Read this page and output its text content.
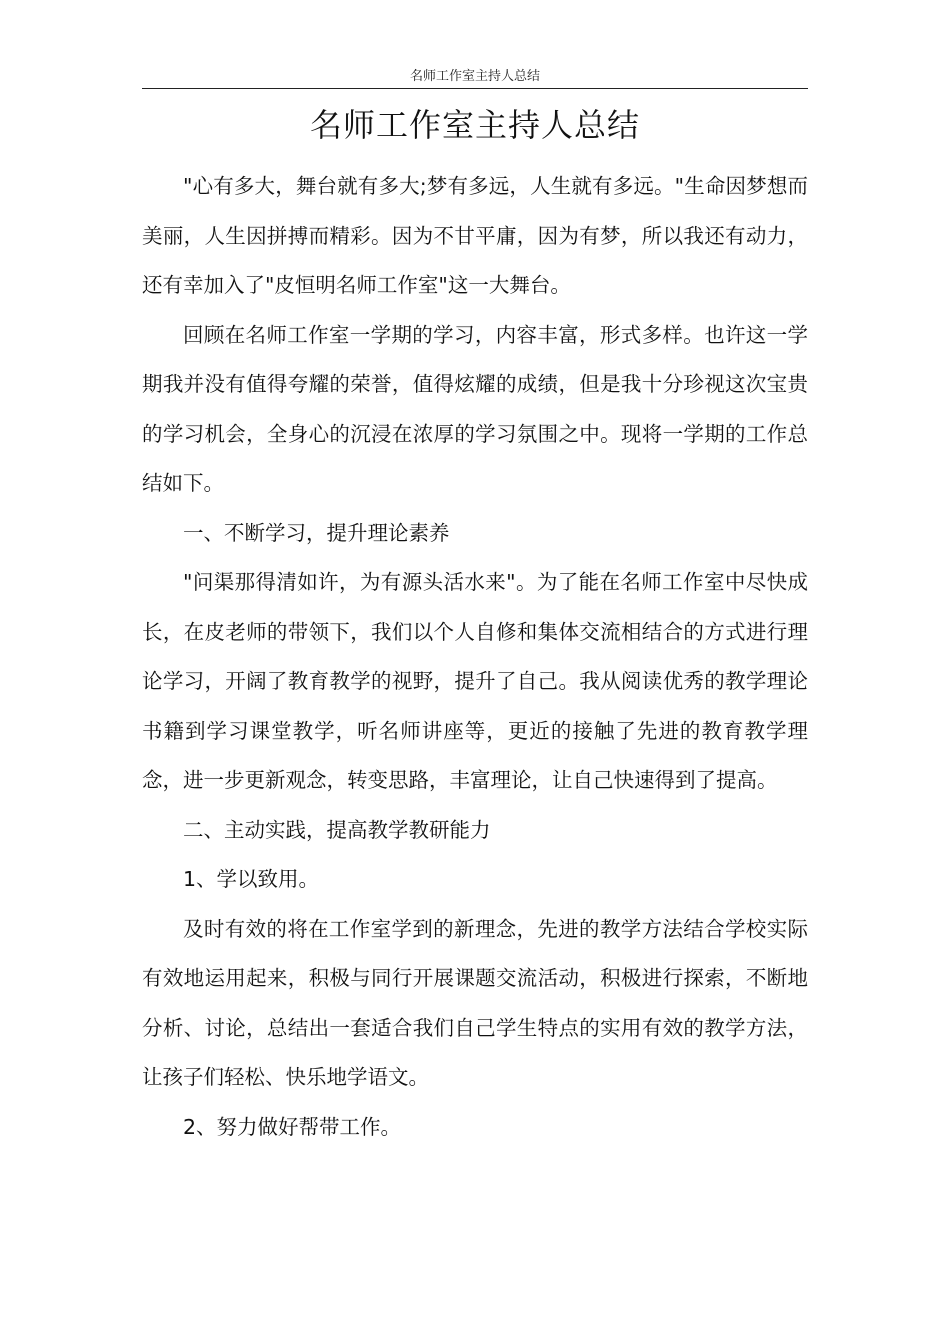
名师工作室主持人总结
名师工作室主持人总结

"心有多大，舞台就有多大;梦有多远，人生就有多远。"生命因梦想而美丽，人生因拼搏而精彩。因为不甘平庸，因为有梦，所以我还有动力，还有幸加入了"皮恒明名师工作室"这一大舞台。

回顾在名师工作室一学期的学习，内容丰富，形式多样。也许这一学期我并没有值得夸耀的荣誉，值得炫耀的成绩，但是我十分珍视这次宝贵的学习机会，全身心的沉浸在浓厚的学习氛围之中。现将一学期的工作总结如下。

一、不断学习，提升理论素养

"问渠那得清如许，为有源头活水来"。为了能在名师工作室中尽快成长，在皮老师的带领下，我们以个人自修和集体交流相结合的方式进行理论学习，开阔了教育教学的视野，提升了自己。我从阅读优秀的教学理论书籍到学习课堂教学，听名师讲座等，更近的接触了先进的教育教学理念，进一步更新观念，转变思路，丰富理论，让自己快速得到了提高。

二、主动实践，提高教学教研能力

1、学以致用。

及时有效的将在工作室学到的新理念，先进的教学方法结合学校实际有效地运用起来，积极与同行开展课题交流活动，积极进行探索，不断地分析、讨论，总结出一套适合我们自己学生特点的实用有效的教学方法，让孩子们轻松、快乐地学语文。

2、努力做好帮带工作。
